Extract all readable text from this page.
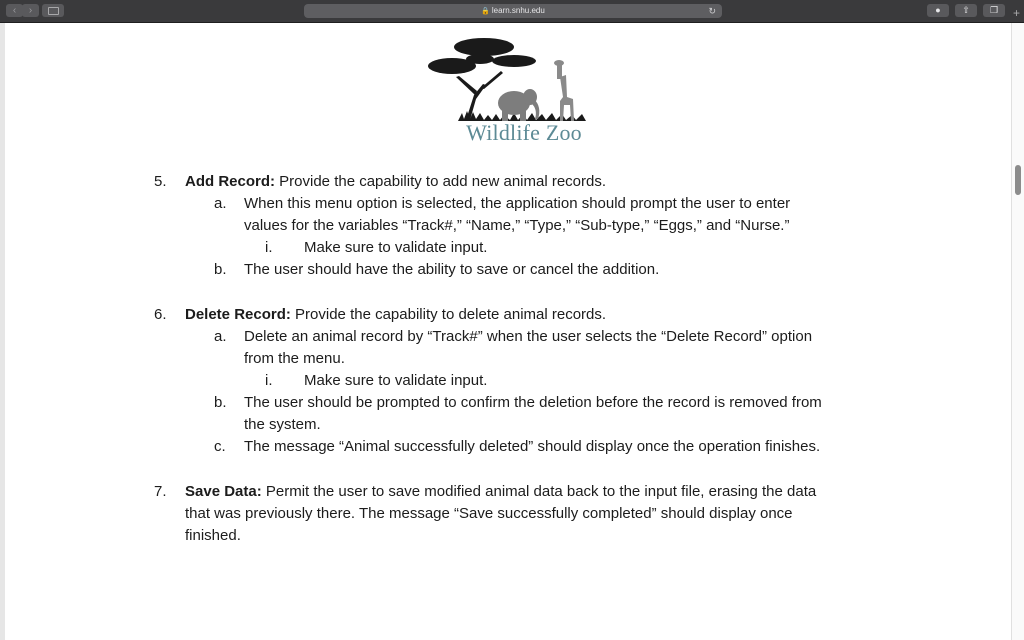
‹	›	🔒 learn.snhu.edu	↻	●	⇧	❐	+
Wildlife Zoo
5. Add Record: Provide the capability to add new animal records.
a. When this menu option is selected, the application should prompt the user to enter
values for the variables “Track#,” “Name,” “Type,” “Sub-type,” “Eggs,” and “Nurse.”
i. Make sure to validate input.
b. The user should have the ability to save or cancel the addition.
6. Delete Record: Provide the capability to delete animal records.
a. Delete an animal record by “Track#” when the user selects the “Delete Record” option
from the menu.
i. Make sure to validate input.
b. The user should be prompted to confirm the deletion before the record is removed from
the system.
c. The message “Animal successfully deleted” should display once the operation finishes.
7. Save Data: Permit the user to save modified animal data back to the input file, erasing the data
that was previously there. The message “Save successfully completed” should display once
finished.
